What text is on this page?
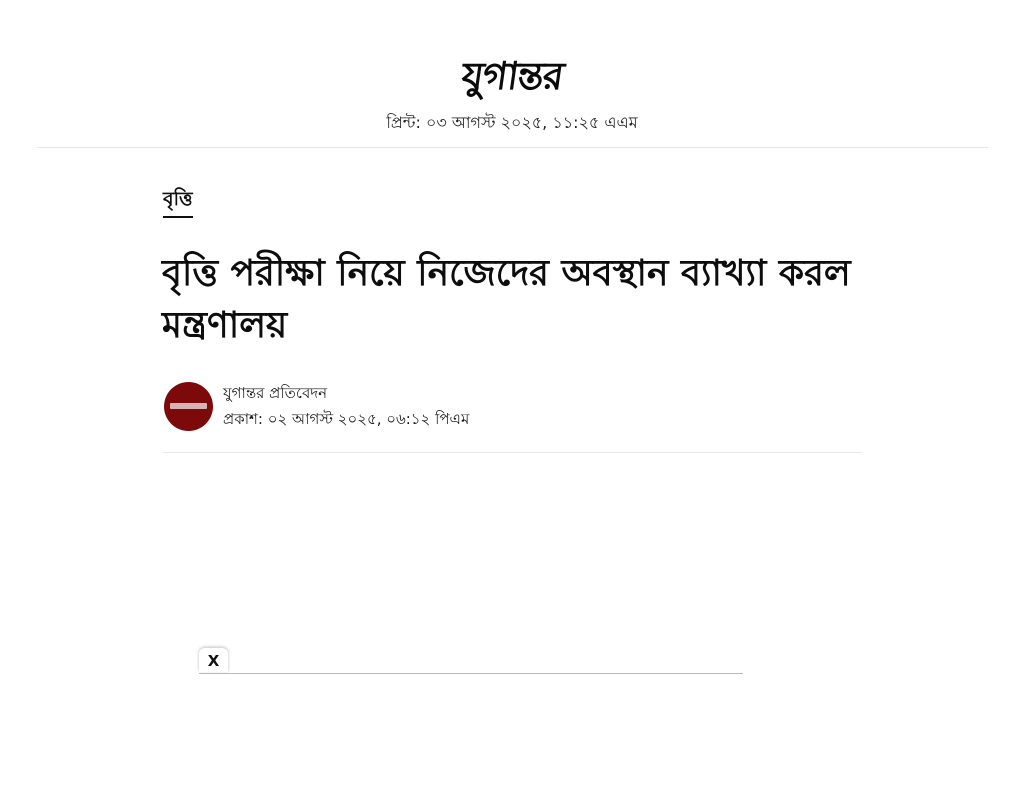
যুগান্তর
প্রিন্ট: ০৩ আগস্ট ২০২৫, ১১:২৫ এএম
বৃত্তি
বৃত্তি পরীক্ষা নিয়ে নিজেদের অবস্থান ব্যাখ্যা করল মন্ত্রণালয়
যুগান্তর প্রতিবেদন
প্রকাশ: ০২ আগস্ট ২০২৫, ০৬:১২ পিএম
X
